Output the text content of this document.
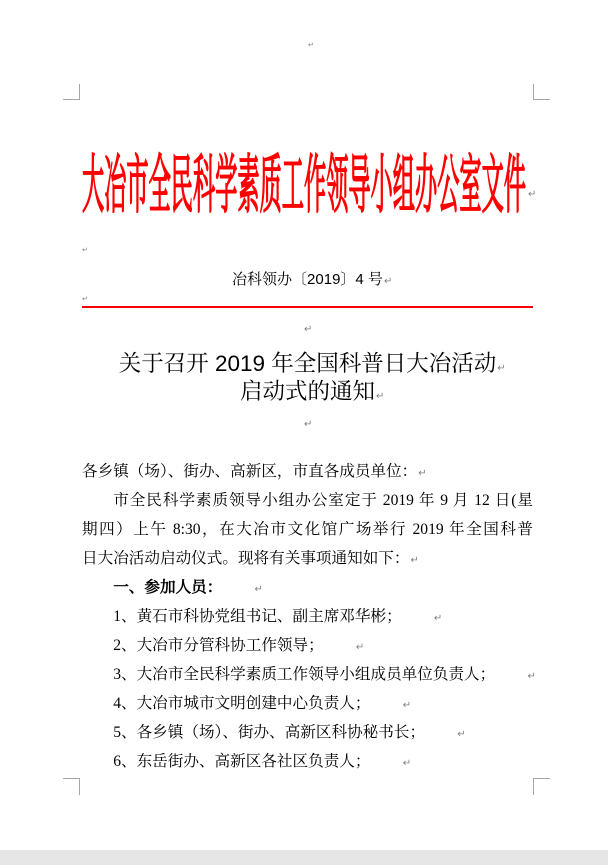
↵
大冶市全民科学素质工作领导小组办公室文件
↵
↵
冶科领办〔2019〕4 号
↵
↵
关于召开 2019 年全国科普日大冶活动
启动式的通知
↵
各乡镇（场）、街办、高新区，市直各成员单位：
市全民科学素质领导小组办公室定于 2019 年 9 月 12 日(星
期四）上午 8:30，在大冶市文化馆广场举行 2019 年全国科普
日大冶活动启动仪式。现将有关事项通知如下：
一、参加人员：
1、黄石市科协党组书记、副主席邓华彬；
2、大冶市分管科协工作领导；
3、大冶市全民科学素质工作领导小组成员单位负责人；
4、大冶市城市文明创建中心负责人；
5、各乡镇（场）、街办、高新区科协秘书长；
6、东岳街办、高新区各社区负责人；
